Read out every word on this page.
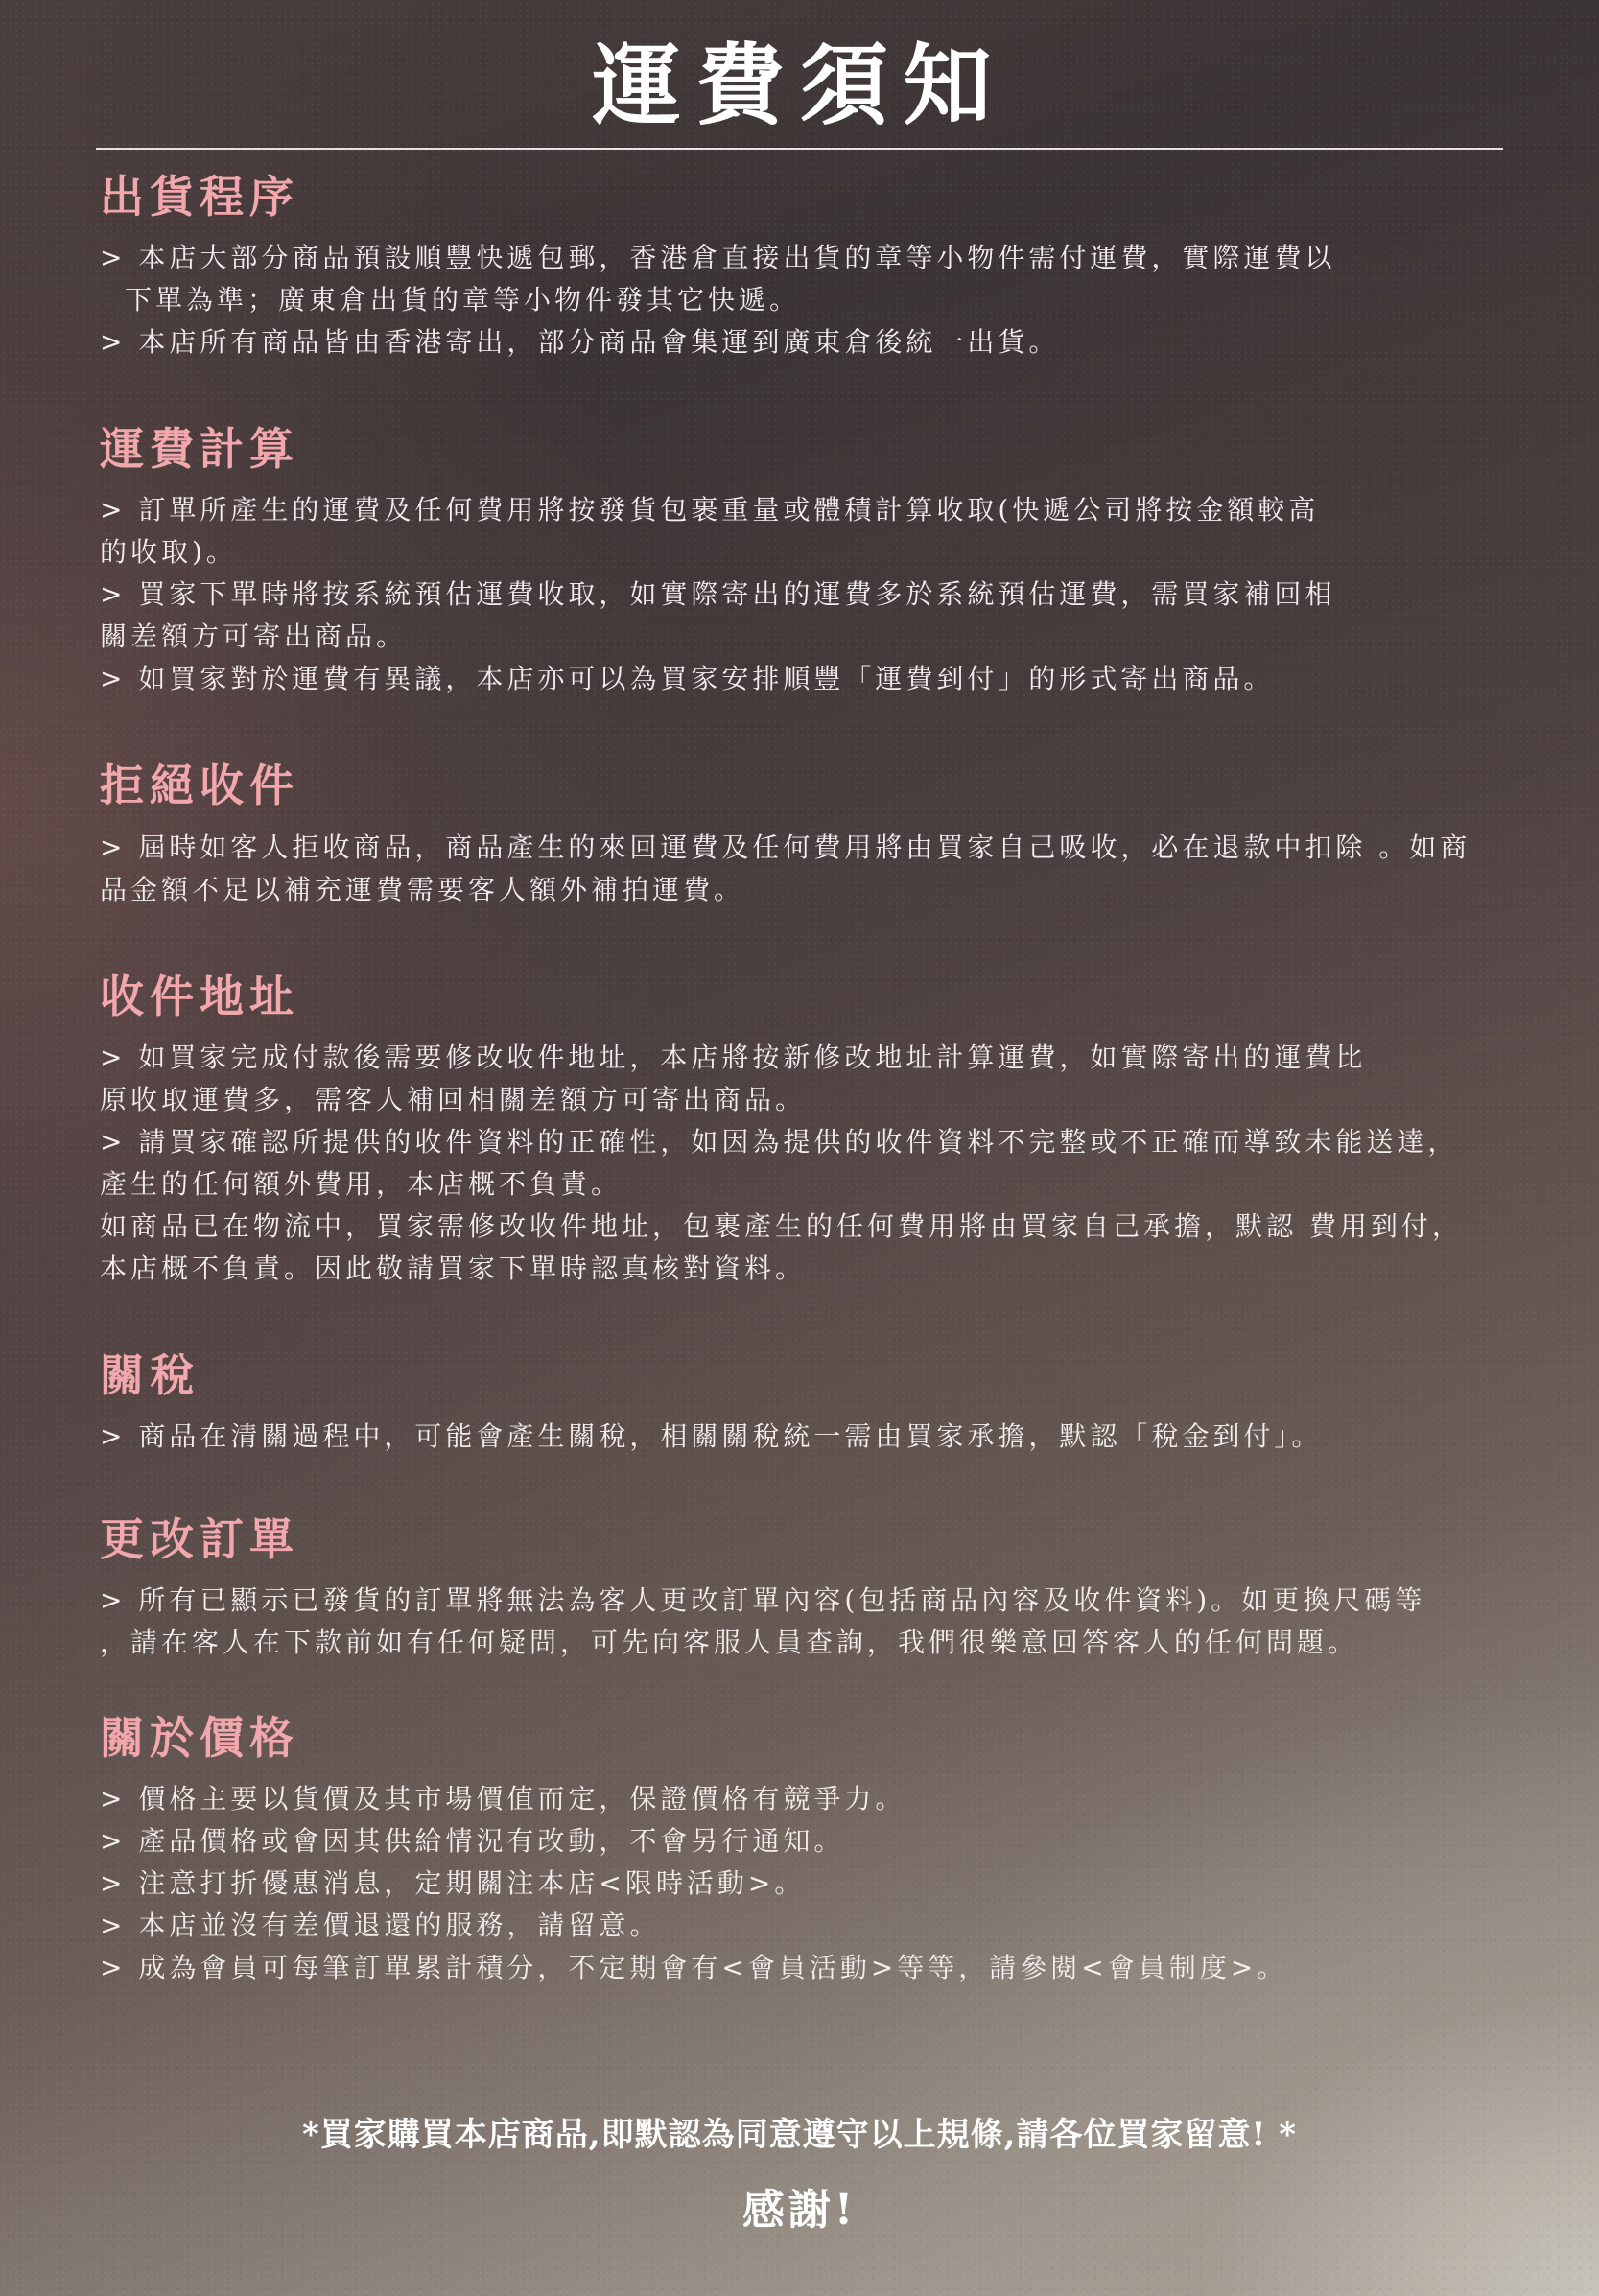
運費須知
出貨程序
> 本店大部分商品預設順豐快遞包郵，香港倉直接出貨的章等小物件需付運費，實際運費以
下單為準；廣東倉出貨的章等小物件發其它快遞。
> 本店所有商品皆由香港寄出，部分商品會集運到廣東倉後統一出貨。
運費計算
> 訂單所產生的運費及任何費用將按發貨包裹重量或體積計算收取(快遞公司將按金額較高
的收取)。
> 買家下單時將按系統預估運費收取，如實際寄出的運費多於系統預估運費，需買家補回相
關差額方可寄出商品。
> 如買家對於運費有異議，本店亦可以為買家安排順豐「運費到付」的形式寄出商品。
拒絕收件
> 屆時如客人拒收商品，商品產生的來回運費及任何費用將由買家自己吸收，必在退款中扣除 。如商
品金額不足以補充運費需要客人額外補拍運費。
收件地址
> 如買家完成付款後需要修改收件地址，本店將按新修改地址計算運費，如實際寄出的運費比
原收取運費多，需客人補回相關差額方可寄出商品。
> 請買家確認所提供的收件資料的正確性，如因為提供的收件資料不完整或不正確而導致未能送達，
產生的任何額外費用，本店概不負責。
如商品已在物流中，買家需修改收件地址，包裹產生的任何費用將由買家自己承擔，默認 費用到付，
本店概不負責。因此敬請買家下單時認真核對資料。
關稅
> 商品在清關過程中，可能會產生關稅，相關關稅統一需由買家承擔，默認「稅金到付」。
更改訂單
> 所有已顯示已發貨的訂單將無法為客人更改訂單內容(包括商品內容及收件資料)。如更換尺碼等
，請在客人在下款前如有任何疑問，可先向客服人員查詢，我們很樂意回答客人的任何問題。
關於價格
> 價格主要以貨價及其市場價值而定，保證價格有競爭力。
> 產品價格或會因其供給情況有改動，不會另行通知。
> 注意打折優惠消息，定期關注本店<限時活動>。
> 本店並沒有差價退還的服務，請留意。
> 成為會員可每筆訂單累計積分，不定期會有<會員活動>等等，請參閱<會員制度>。
*買家購買本店商品,即默認為同意遵守以上規條,請各位買家留意! *
感謝!
